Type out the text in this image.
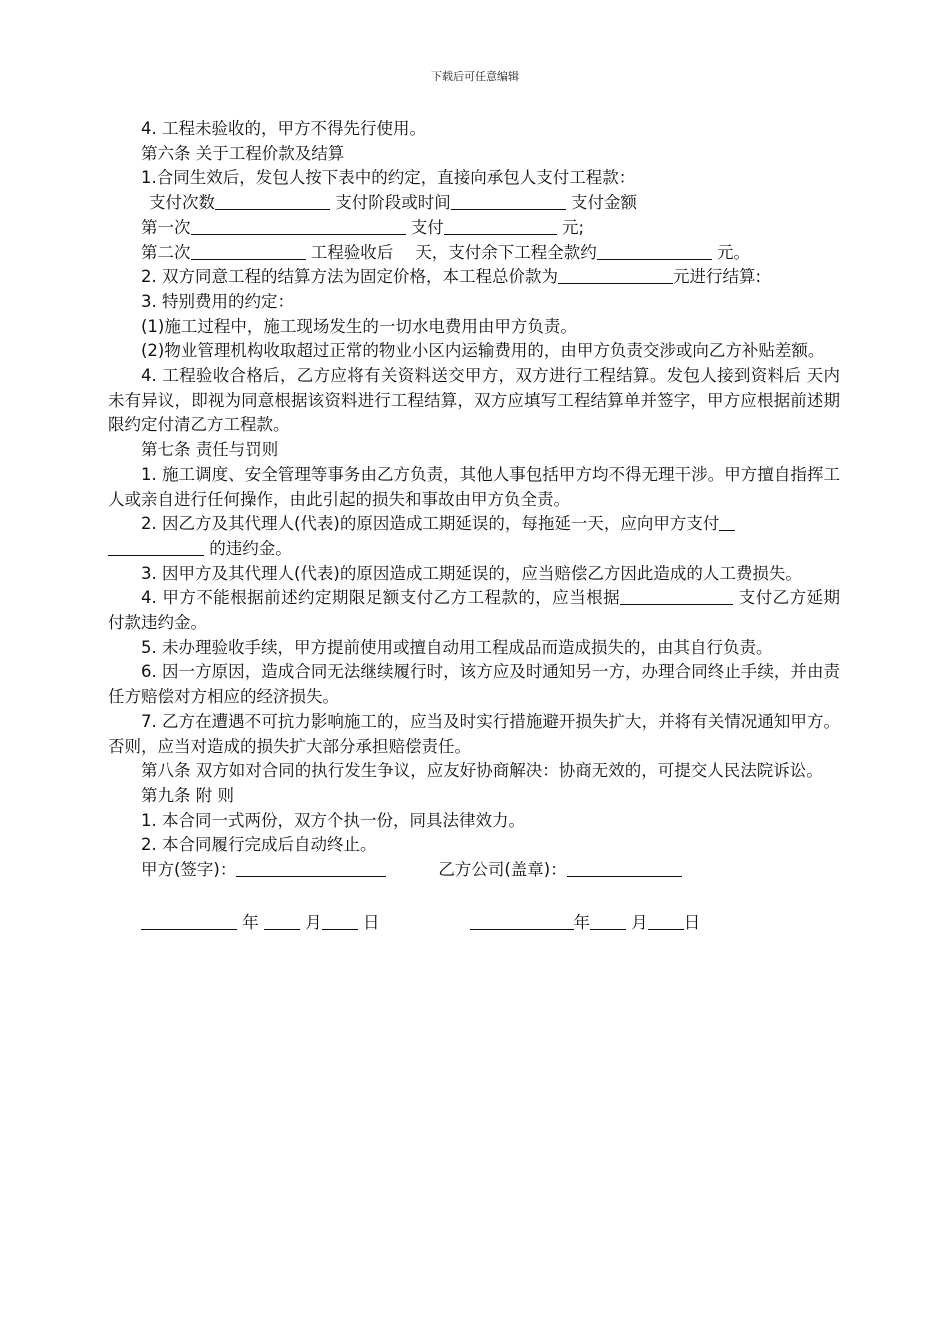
下载后可任意编辑

4. 工程未验收的，甲方不得先行使用。

第六条 关于工程价款及结算

1.合同生效后，发包人按下表中的约定，直接向承包人支付工程款：

支付次数	支付阶段或时间	支付金额

第一次	支付	元;

第二次	工程验收后 天，支付余下工程全款约	元。

2. 双方同意工程的结算方法为固定价格，本工程总价款为	元进行结算:

3. 特别费用的约定：

(1)施工过程中，施工现场发生的一切水电费用由甲方负责。

(2)物业管理机构收取超过正常的物业小区内运输费用的，由甲方负责交涉或向乙方补贴差额。

4. 工程验收合格后，乙方应将有关资料送交甲方，双方进行工程结算。发包人接到资料后 天内未有异议，即视为同意根据该资料进行工程结算，双方应填写工程结算单并签字，甲方应根据前述期限约定付清乙方工程款。

第七条 责任与罚则

1. 施工调度、安全管理等事务由乙方负责，其他人事包括甲方均不得无理干涉。甲方擅自指挥工人或亲自进行任何操作，由此引起的损失和事故由甲方负全责。

2. 因乙方及其代理人(代表)的原因造成工期延误的，每拖延一天，应向甲方支付
的违约金。

3. 因甲方及其代理人(代表)的原因造成工期延误的，应当赔偿乙方因此造成的人工费损失。

4. 甲方不能根据前述约定期限足额支付乙方工程款的，应当根据	支付乙方延期付款违约金。

5. 未办理验收手续，甲方提前使用或擅自动用工程成品而造成损失的，由其自行负责。

6. 因一方原因，造成合同无法继续履行时，该方应及时通知另一方，办理合同终止手续，并由责任方赔偿对方相应的经济损失。

7. 乙方在遭遇不可抗力影响施工的，应当及时实行措施避开损失扩大，并将有关情况通知甲方。否则，应当对造成的损失扩大部分承担赔偿责任。

第八条 双方如对合同的执行发生争议，应友好协商解决：协商无效的，可提交人民法院诉讼。

第九条 附 则

1. 本合同一式两份，双方个执一份，同具法律效力。

2. 本合同履行完成后自动终止。

甲方(签字)：	乙方公司(盖章)：

年	月	日	年	月 日
